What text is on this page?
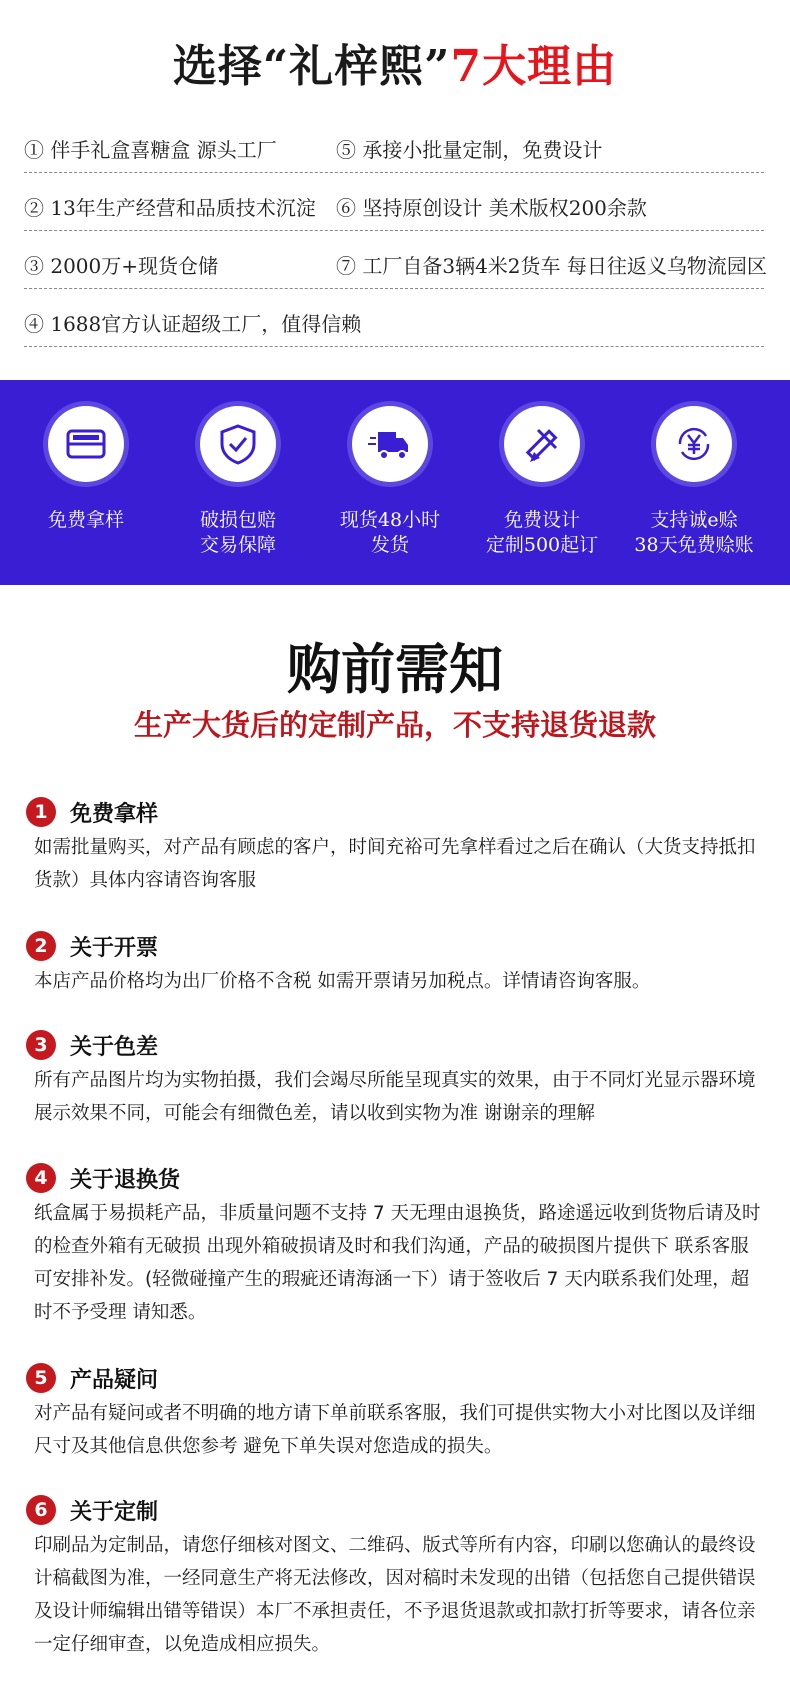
选择“礼梓熙”7大理由
① 伴手礼盒喜糖盒 源头工厂	⑤ 承接小批量定制，免费设计
② 13年生产经营和品质技术沉淀 ⑥ 坚持原创设计 美术版权200余款
③ 2000万+现货仓储	⑦ 工厂自备3辆4米2货车 每日往返义乌物流园区
④ 1688官方认证超级工厂，值得信赖
免费拿样	破损包赔
交易保障
现货48小时
发货
免费设计
定制500起订
支持诚e赊
38天免费赊账
购前需知
生产大货后的定制产品，不支持退货退款
1	免费拿样
如需批量购买，对产品有顾虑的客户，时间充裕可先拿样看过之后在确认（大货支持抵扣货款）具体内容请咨询客服
2	关于开票
本店产品价格均为出厂价格不含税 如需开票请另加税点。详情请咨询客服。
3	关于色差
所有产品图片均为实物拍摄，我们会竭尽所能呈现真实的效果，由于不同灯光显示器环境展示效果不同，可能会有细微色差，请以收到实物为准 谢谢亲的理解
4	关于退换货
纸盒属于易损耗产品，非质量问题不支持 7 天无理由退换货，路途遥远收到货物后请及时的检查外箱有无破损 出现外箱破损请及时和我们沟通，产品的破损图片提供下 联系客服可安排补发。(轻微碰撞产生的瑕疵还请海涵一下）请于签收后 7 天内联系我们处理，超时不予受理 请知悉。
5	产品疑问
对产品有疑问或者不明确的地方请下单前联系客服，我们可提供实物大小对比图以及详细尺寸及其他信息供您参考 避免下单失误对您造成的损失。
6	关于定制
印刷品为定制品，请您仔细核对图文、二维码、版式等所有内容，印刷以您确认的最终设计稿截图为准，一经同意生产将无法修改，因对稿时未发现的出错（包括您自己提供错误及设计师编辑出错等错误）本厂不承担责任，不予退货退款或扣款打折等要求，请各位亲一定仔细审查，以免造成相应损失。
